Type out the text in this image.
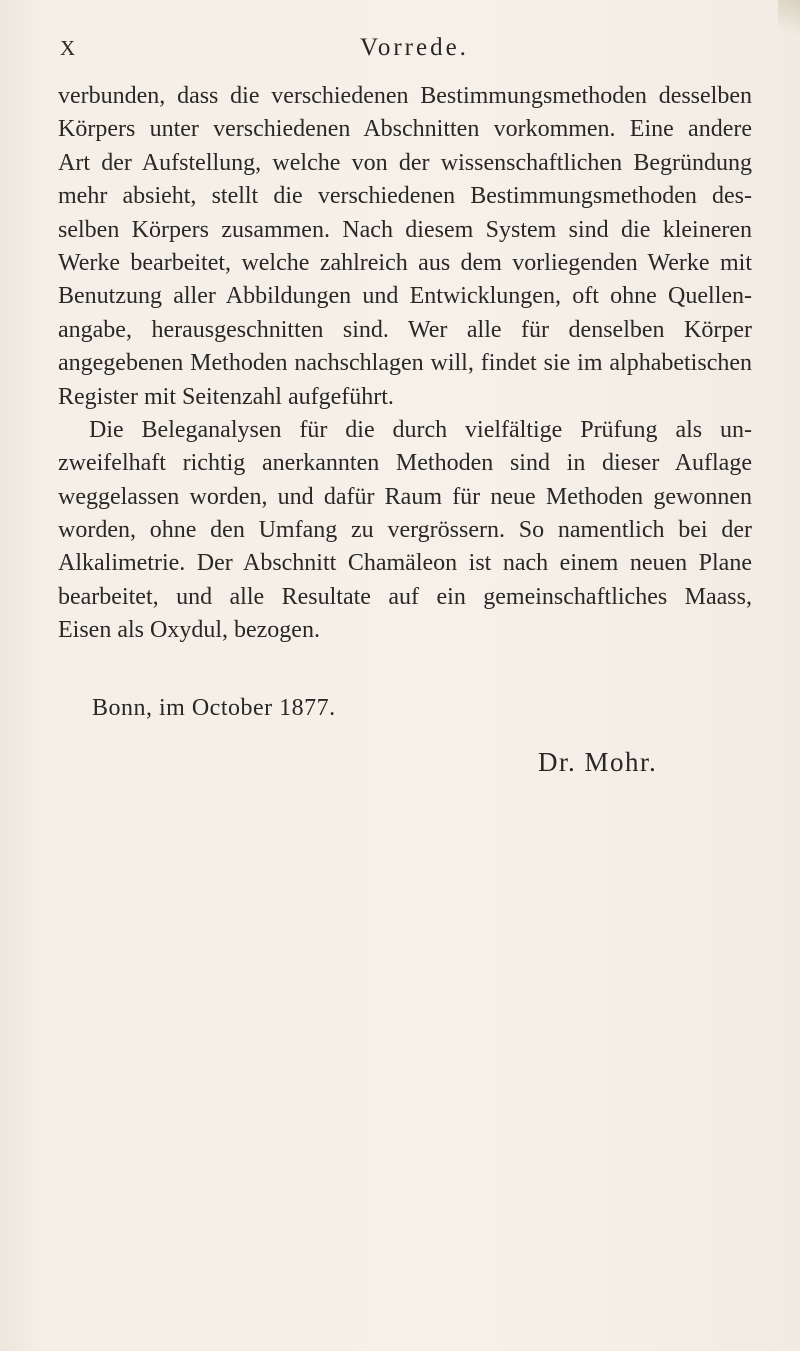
X	Vorrede.
verbunden, dass die verschiedenen Bestimmungsmethoden desselben
Körpers unter verschiedenen Abschnitten vorkommen. Eine andere
Art der Aufstellung, welche von der wissenschaftlichen Begründung
mehr absieht, stellt die verschiedenen Bestimmungsmethoden des-
selben Körpers zusammen. Nach diesem System sind die kleineren
Werke bearbeitet, welche zahlreich aus dem vorliegenden Werke mit
Benutzung aller Abbildungen und Entwicklungen, oft ohne Quellen-
angabe, herausgeschnitten sind. Wer alle für denselben Körper
angegebenen Methoden nachschlagen will, findet sie im alphabetischen
Register mit Seitenzahl aufgeführt.
Die Beleganalysen für die durch vielfältige Prüfung als un-
zweifelhaft richtig anerkannten Methoden sind in dieser Auflage
weggelassen worden, und dafür Raum für neue Methoden gewonnen
worden, ohne den Umfang zu vergrössern. So namentlich bei der
Alkalimetrie. Der Abschnitt Chamäleon ist nach einem neuen Plane
bearbeitet, und alle Resultate auf ein gemeinschaftliches Maass,
Eisen als Oxydul, bezogen.
Bonn, im October 1877.
Dr. Mohr.
